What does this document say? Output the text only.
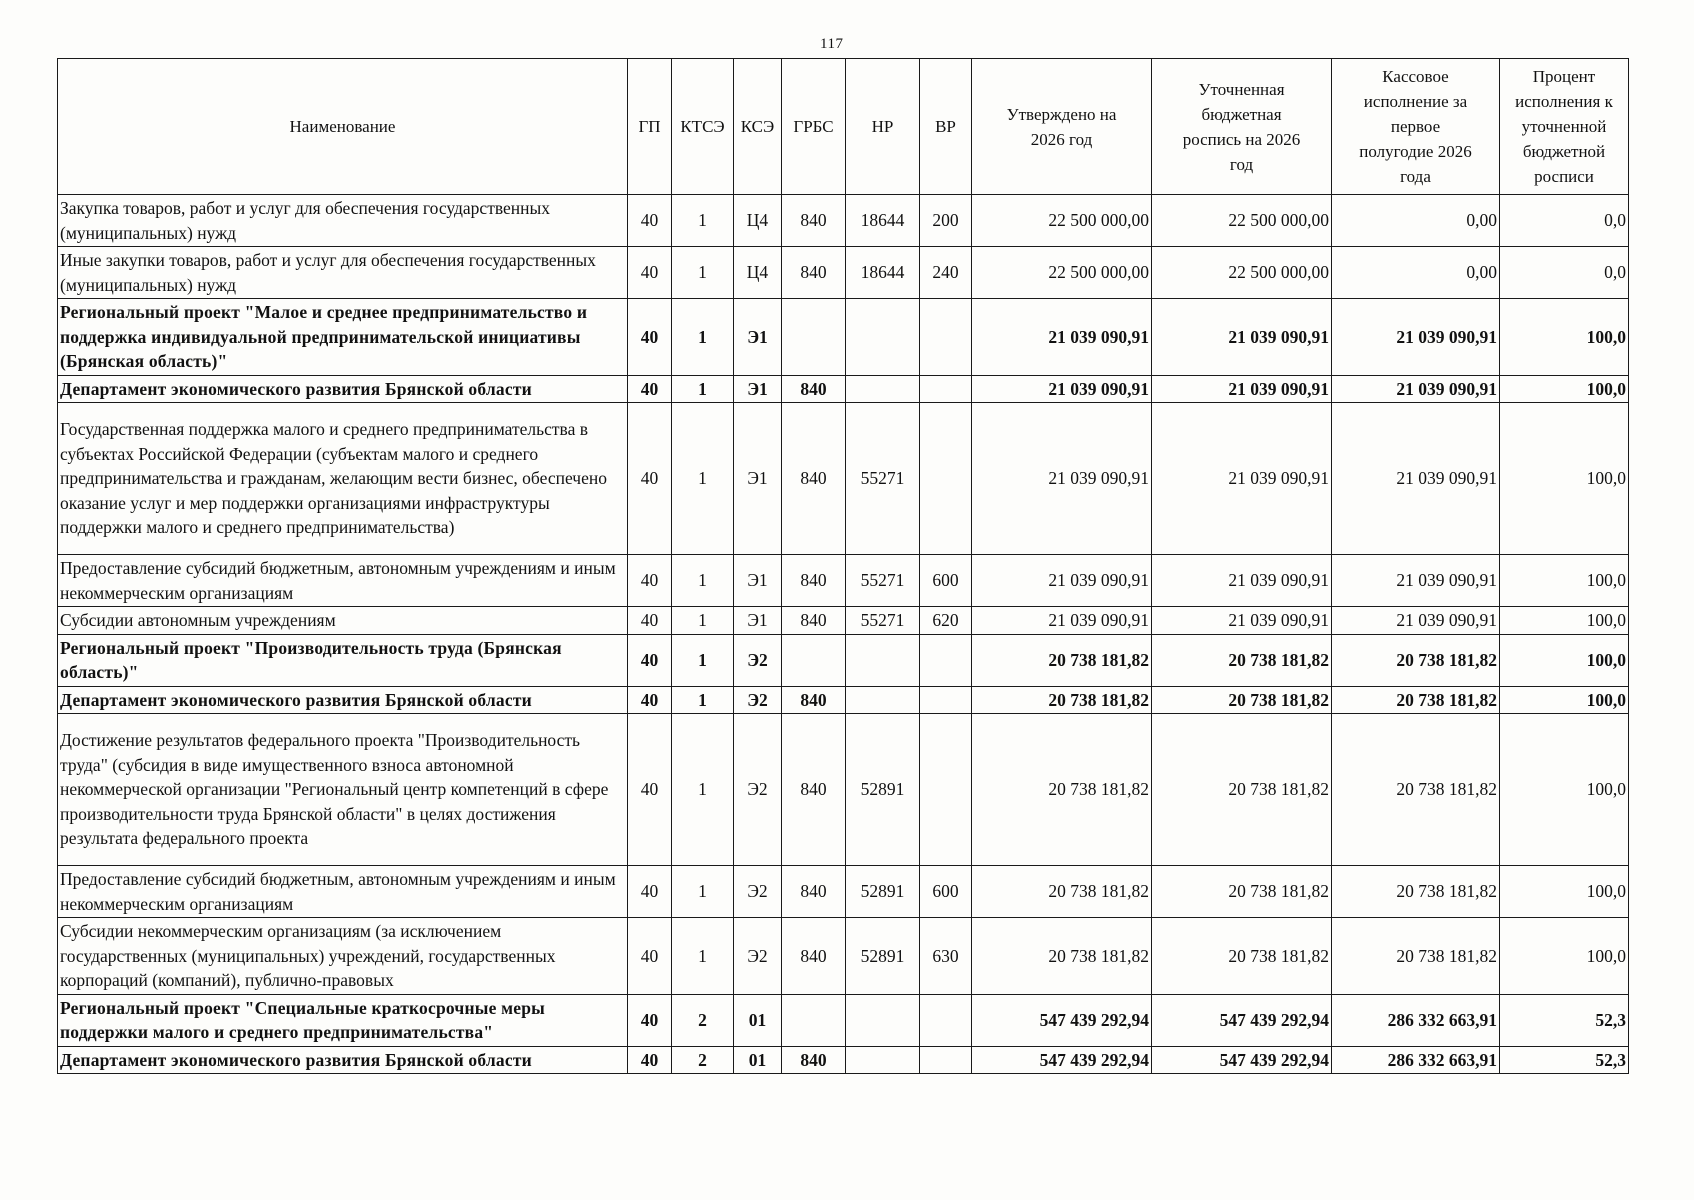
117
Наименование	ГП	КТСЭ	КСЭ	ГРБС	НР	ВР	Утверждено на 2026 год	Уточненная бюджетная роспись на 2026 год	Кассовое исполнение за первое полугодие 2026 года	Процент исполнения к уточненной бюджетной росписи
Закупка товаров, работ и услуг для обеспечения государственных (муниципальных) нужд	40	1	Ц4	840	18644	200	22 500 000,00	22 500 000,00	0,00	0,0
Иные закупки товаров, работ и услуг для обеспечения государственных (муниципальных) нужд	40	1	Ц4	840	18644	240	22 500 000,00	22 500 000,00	0,00	0,0
Региональный проект "Малое и среднее предпринимательство и поддержка индивидуальной предпринимательской инициативы (Брянская область)"	40	1	Э1				21 039 090,91	21 039 090,91	21 039 090,91	100,0
Департамент экономического развития Брянской области	40	1	Э1	840			21 039 090,91	21 039 090,91	21 039 090,91	100,0
Государственная поддержка малого и среднего предпринимательства в субъектах Российской Федерации (субъектам малого и среднего предпринимательства и гражданам, желающим вести бизнес, обеспечено оказание услуг и мер поддержки организациями инфраструктуры поддержки малого и среднего предпринимательства)	40	1	Э1	840	55271		21 039 090,91	21 039 090,91	21 039 090,91	100,0
Предоставление субсидий бюджетным, автономным учреждениям и иным некоммерческим организациям	40	1	Э1	840	55271	600	21 039 090,91	21 039 090,91	21 039 090,91	100,0
Субсидии автономным учреждениям	40	1	Э1	840	55271	620	21 039 090,91	21 039 090,91	21 039 090,91	100,0
Региональный проект "Производительность труда (Брянская область)"	40	1	Э2				20 738 181,82	20 738 181,82	20 738 181,82	100,0
Департамент экономического развития Брянской области	40	1	Э2	840			20 738 181,82	20 738 181,82	20 738 181,82	100,0
Достижение результатов федерального проекта "Производительность труда" (субсидия в виде имущественного взноса автономной некоммерческой организации "Региональный центр компетенций в сфере производительности труда Брянской области" в целях достижения результата федерального проекта	40	1	Э2	840	52891		20 738 181,82	20 738 181,82	20 738 181,82	100,0
Предоставление субсидий бюджетным, автономным учреждениям и иным некоммерческим организациям	40	1	Э2	840	52891	600	20 738 181,82	20 738 181,82	20 738 181,82	100,0
Субсидии некоммерческим организациям (за исключением государственных (муниципальных) учреждений, государственных корпораций (компаний), публично-правовых	40	1	Э2	840	52891	630	20 738 181,82	20 738 181,82	20 738 181,82	100,0
Региональный проект "Специальные краткосрочные меры поддержки малого и среднего предпринимательства"	40	2	01				547 439 292,94	547 439 292,94	286 332 663,91	52,3
Департамент экономического развития Брянской области	40	2	01	840			547 439 292,94	547 439 292,94	286 332 663,91	52,3
